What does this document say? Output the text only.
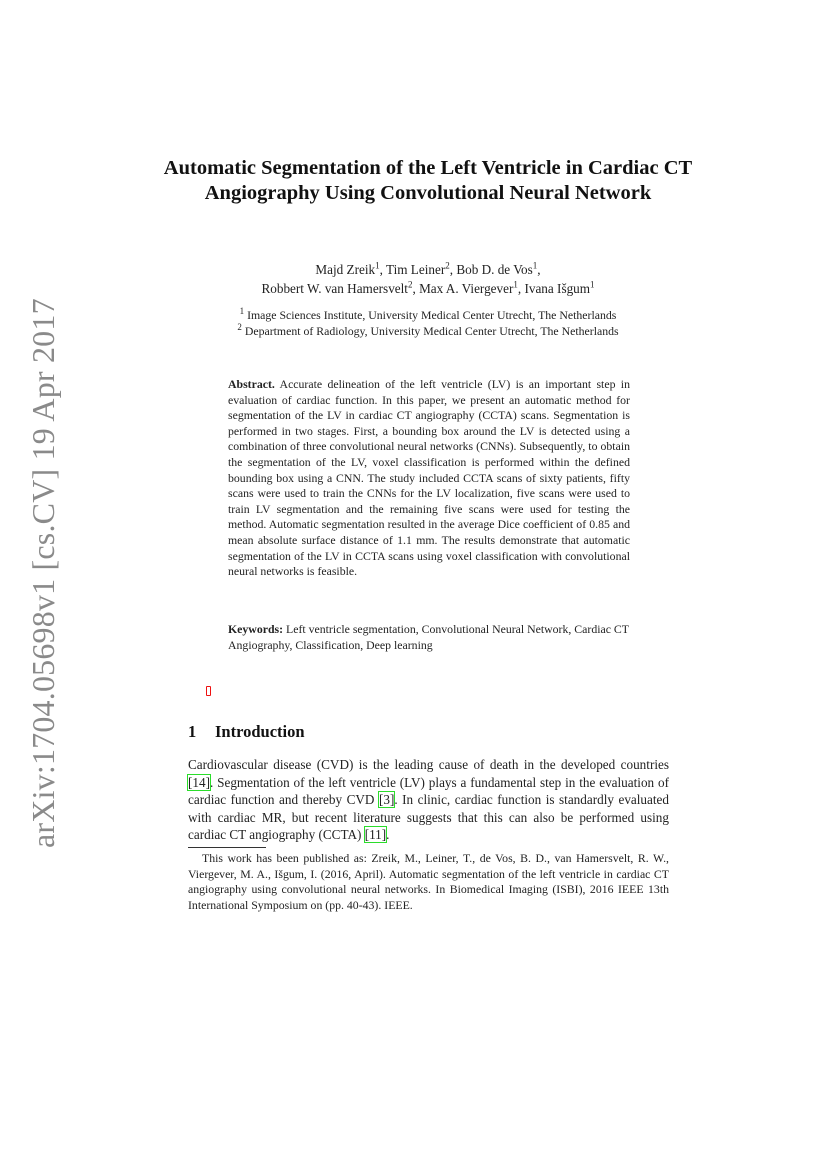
arXiv:1704.05698v1 [cs.CV] 19 Apr 2017
Automatic Segmentation of the Left Ventricle in Cardiac CT Angiography Using Convolutional Neural Network
Majd Zreik$^1$, Tim Leiner$^2$, Bob D. de Vos$^1$,
Robbert W. van Hamersvelt$^2$, Max A. Viergever$^1$, Ivana Išgum$^1$
$^1$ Image Sciences Institute, University Medical Center Utrecht, The Netherlands
$^2$ Department of Radiology, University Medical Center Utrecht, The Netherlands
Abstract. Accurate delineation of the left ventricle (LV) is an important step in evaluation of cardiac function. In this paper, we present an automatic method for segmentation of the LV in cardiac CT angiography (CCTA) scans. Segmentation is performed in two stages. First, a bounding box around the LV is detected using a combination of three convolutional neural networks (CNNs). Subsequently, to obtain the segmentation of the LV, voxel classification is performed within the defined bounding box using a CNN. The study included CCTA scans of sixty patients, fifty scans were used to train the CNNs for the LV localization, five scans were used to train LV segmentation and the remaining five scans were used for testing the method. Automatic segmentation resulted in the average Dice coefficient of 0.85 and mean absolute surface distance of 1.1 mm. The results demonstrate that automatic segmentation of the LV in CCTA scans using voxel classification with convolutional neural networks is feasible.
Keywords: Left ventricle segmentation, Convolutional Neural Network, Cardiac CT Angiography, Classification, Deep learning
1 Introduction
Cardiovascular disease (CVD) is the leading cause of death in the developed countries [14]. Segmentation of the left ventricle (LV) plays a fundamental step in the evaluation of cardiac function and thereby CVD [3]. In clinic, cardiac function is standardly evaluated with cardiac MR, but recent literature suggests that this can also be performed using cardiac CT angiography (CCTA) [11].
This work has been published as: Zreik, M., Leiner, T., de Vos, B. D., van Hamersvelt, R. W., Viergever, M. A., Išgum, I. (2016, April). Automatic segmentation of the left ventricle in cardiac CT angiography using convolutional neural networks. In Biomedical Imaging (ISBI), 2016 IEEE 13th International Symposium on (pp. 40-43). IEEE.
